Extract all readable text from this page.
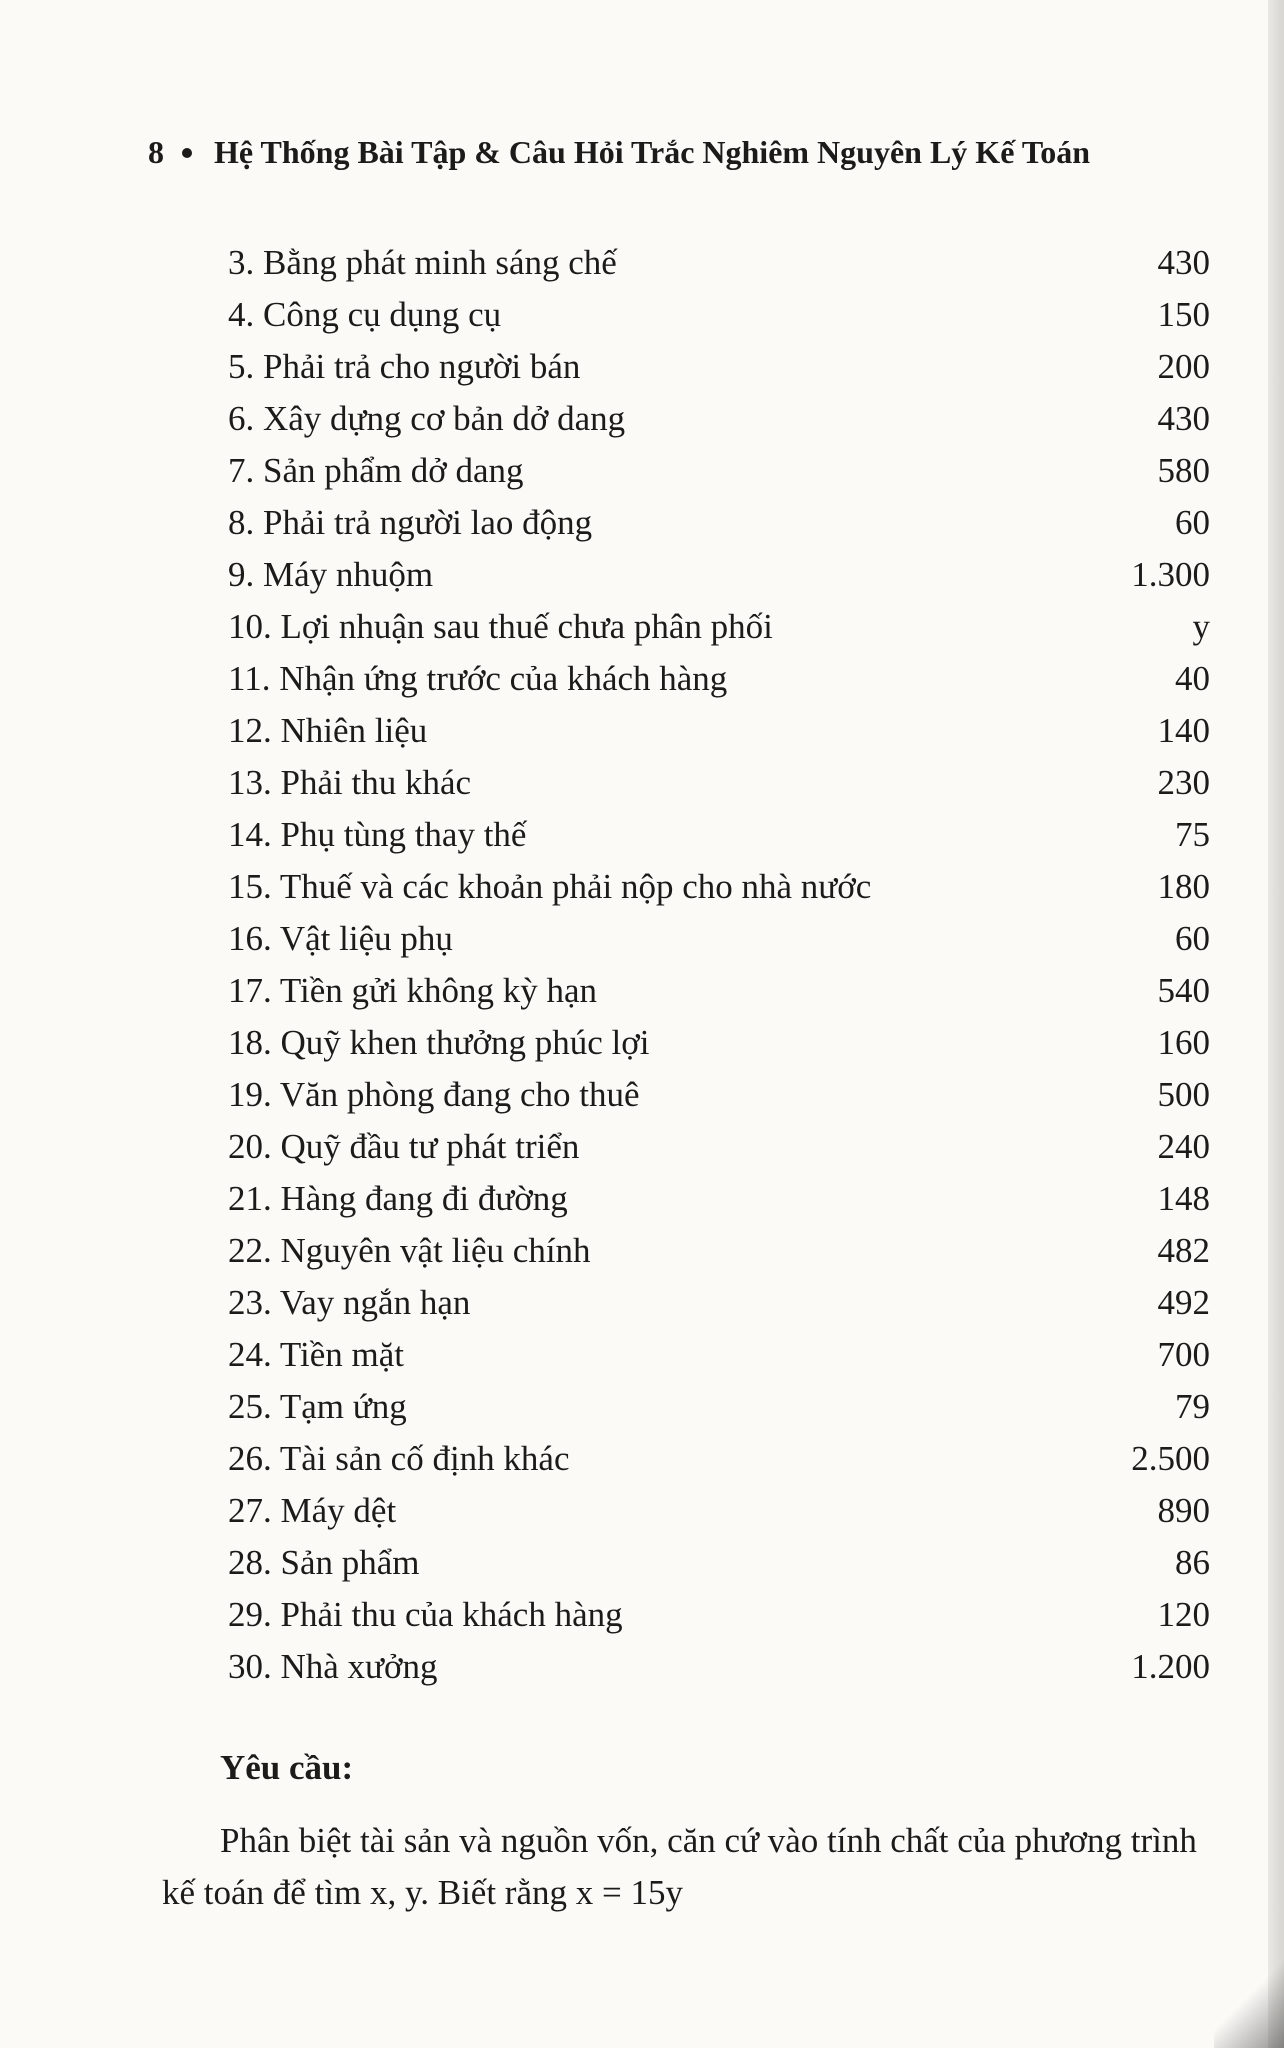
8 Hệ Thống Bài Tập & Câu Hỏi Trắc Nghiêm Nguyên Lý Kế Toán
3. Bằng phát minh sáng chế	430
4. Công cụ dụng cụ	150
5. Phải trả cho người bán	200
6. Xây dựng cơ bản dở dang	430
7. Sản phẩm dở dang	580
8. Phải trả người lao động	60
9. Máy nhuộm	1.300
10. Lợi nhuận sau thuế chưa phân phối	y
11. Nhận ứng trước của khách hàng	40
12. Nhiên liệu	140
13. Phải thu khác	230
14. Phụ tùng thay thế	75
15. Thuế và các khoản phải nộp cho nhà nước	180
16. Vật liệu phụ	60
17. Tiền gửi không kỳ hạn	540
18. Quỹ khen thưởng phúc lợi	160
19. Văn phòng đang cho thuê	500
20. Quỹ đầu tư phát triển	240
21. Hàng đang đi đường	148
22. Nguyên vật liệu chính	482
23. Vay ngắn hạn	492
24. Tiền mặt	700
25. Tạm ứng	79
26. Tài sản cố định khác	2.500
27. Máy dệt	890
28. Sản phẩm	86
29. Phải thu của khách hàng	120
30. Nhà xưởng	1.200
Yêu cầu:
Phân biệt tài sản và nguồn vốn, căn cứ vào tính chất của phương trình kế toán để tìm x, y. Biết rằng x = 15y
